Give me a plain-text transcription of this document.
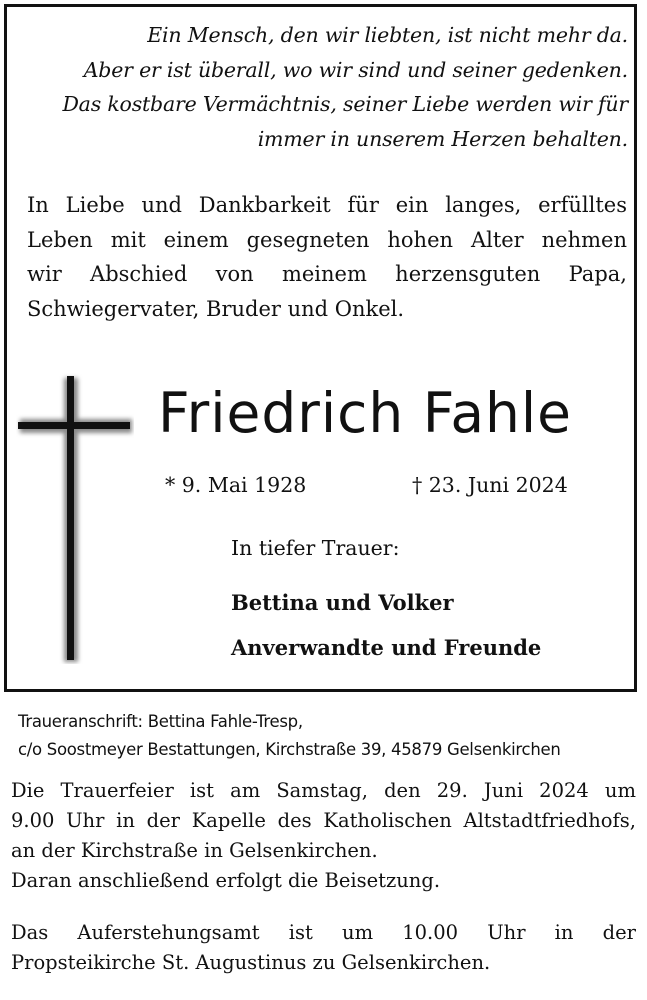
Ein Mensch, den wir liebten, ist nicht mehr da.
Aber er ist überall, wo wir sind und seiner gedenken.
Das kostbare Vermächtnis, seiner Liebe werden wir für
immer in unserem Herzen behalten.
In Liebe und Dankbarkeit für ein langes, erfülltes
Leben mit einem gesegneten hohen Alter nehmen
wir Abschied von meinem herzensguten Papa,
Schwiegervater, Bruder und Onkel.
Friedrich Fahle
* 9. Mai 1928	† 23. Juni 2024
In tiefer Trauer:
Bettina und Volker
Anverwandte und Freunde
Traueranschrift: Bettina Fahle-Tresp,
c/o Soostmeyer Bestattungen, Kirchstraße 39, 45879 Gelsenkirchen
Die Trauerfeier ist am Samstag, den 29. Juni 2024 um
9.00 Uhr in der Kapelle des Katholischen Altstadtfriedhofs,
an der Kirchstraße in Gelsenkirchen.
Daran anschließend erfolgt die Beisetzung.
Das Auferstehungsamt ist um 10.00 Uhr in der
Propsteikirche St. Augustinus zu Gelsenkirchen.
